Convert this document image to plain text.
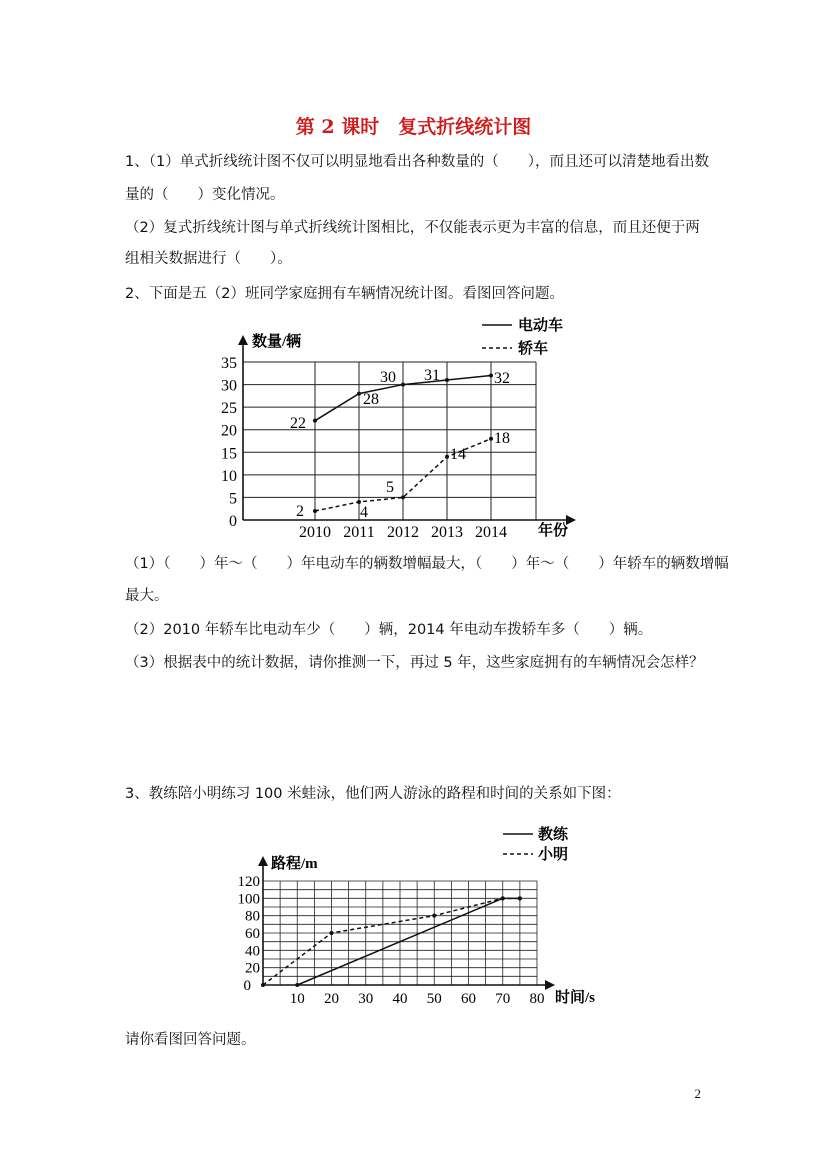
第 2 课时　复式折线统计图
1、（1）单式折线统计图不仅可以明显地看出各种数量的（　　），而且还可以清楚地看出数
量的（　　）变化情况。
（2）复式折线统计图与单式折线统计图相比，不仅能表示更为丰富的信息，而且还便于两
组相关数据进行（　　）。
2、下面是五（2）班同学家庭拥有车辆情况统计图。看图回答问题。
数量/辆
年份
0
5
10
15
20
25
30
35
2010 2011 2012 2013 2014
22
28
30 31	32
2	4
5
14
18
电动车
轿车
（1）（　　）年～（　　）年电动车的辆数增幅最大，（　　）年～（　　）年轿车的辆数增幅
最大。
（2）2010 年轿车比电动车少（　　）辆，2014 年电动车拨轿车多（　　）辆。
（3）根据表中的统计数据，请你推测一下，再过 5 年，这些家庭拥有的车辆情况会怎样？
3、教练陪小明练习 100 米蛙泳，他们两人游泳的路程和时间的关系如下图：
路程/m
时间/s
20
40
60
80
100
120
0
10 20 30 40 50 60 70 80
教练
小明
请你看图回答问题。
2
